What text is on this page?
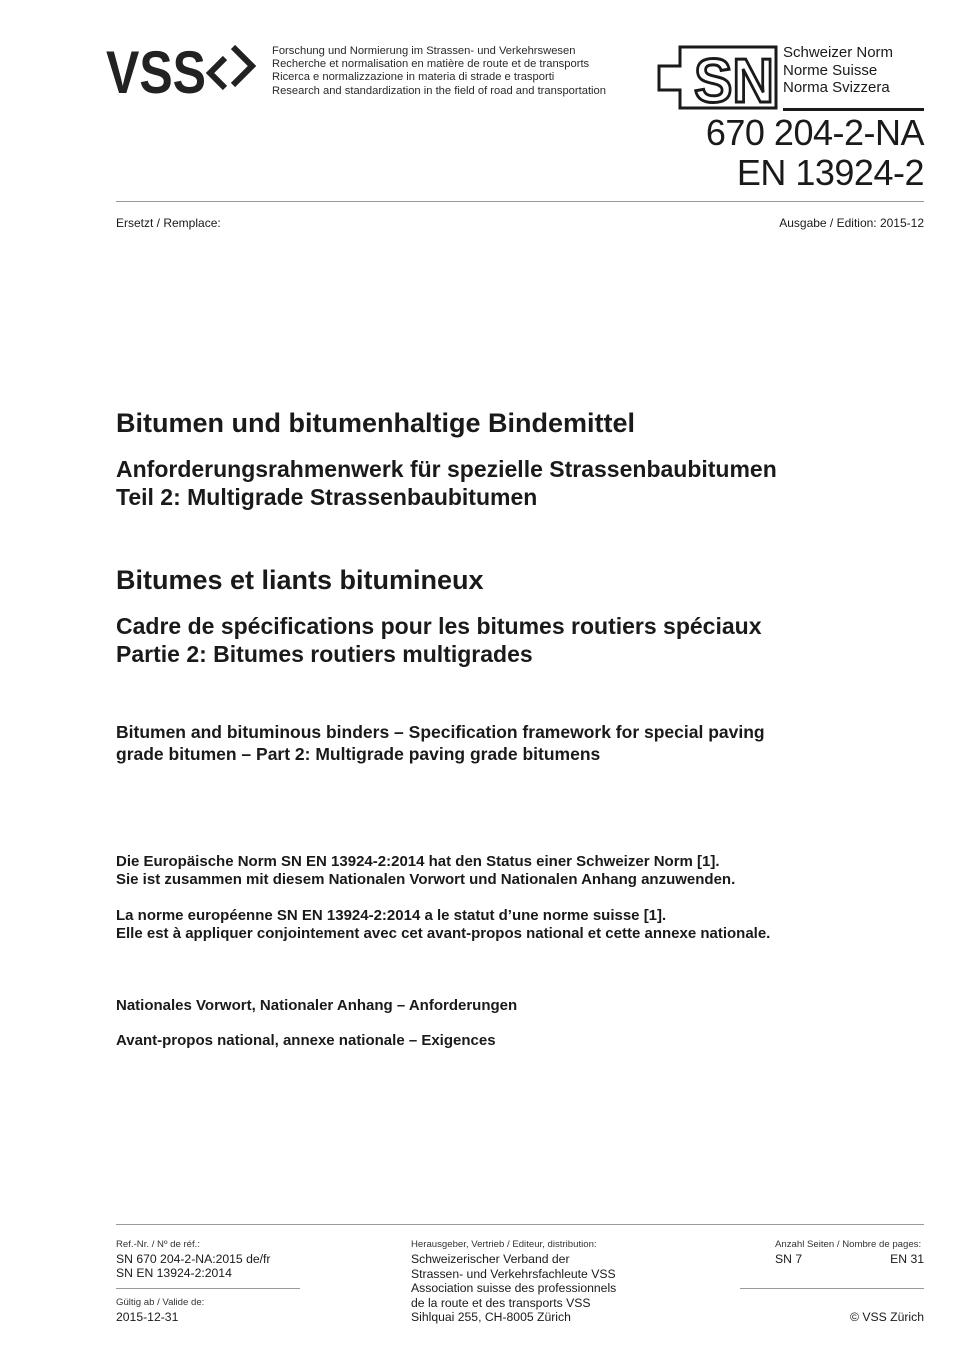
VSS	Forschung und Normierung im Strassen- und Verkehrswesen
Recherche et normalisation en matière de route et de transports
Ricerca e normalizzazione in materia di strade e trasporti
Research and standardization in the field of road and transportation SN Schweizer Norm
Norme Suisse
Norma Svizzera
670 204-2-NA
EN 13924-2
Ersetzt / Remplace:	Ausgabe / Edition: 2015-12
Bitumen und bitumenhaltige Bindemittel
Anforderungsrahmenwerk für spezielle Strassenbaubitumen
Teil 2: Multigrade Strassenbaubitumen
Bitumes et liants bitumineux
Cadre de spécifications pour les bitumes routiers spéciaux
Partie 2: Bitumes routiers multigrades
Bitumen and bituminous binders – Specification framework for special paving
grade bitumen – Part 2: Multigrade paving grade bitumens
Die Europäische Norm SN EN 13924-2:2014 hat den Status einer Schweizer Norm [1].
Sie ist zusammen mit diesem Nationalen Vorwort und Nationalen Anhang anzuwenden.
La norme européenne SN EN 13924-2:2014 a le statut d’une norme suisse [1].
Elle est à appliquer conjointement avec cet avant-propos national et cette annexe nationale.
Nationales Vorwort, Nationaler Anhang – Anforderungen
Avant-propos national, annexe nationale – Exigences
Ref.-Nr. / Nº de réf.:
SN 670 204-2-NA:2015 de/fr
SN EN 13924-2:2014
Gültig ab / Valide de:
2015-12-31
Herausgeber, Vertrieb / Editeur, distribution:
Schweizerischer Verband der
Strassen- und Verkehrsfachleute VSS
Association suisse des professionnels
de la route et des transports VSS
Sihlquai 255, CH-8005 Zürich
Anzahl Seiten / Nombre de pages:
SN 7	EN 31
© VSS Zürich
